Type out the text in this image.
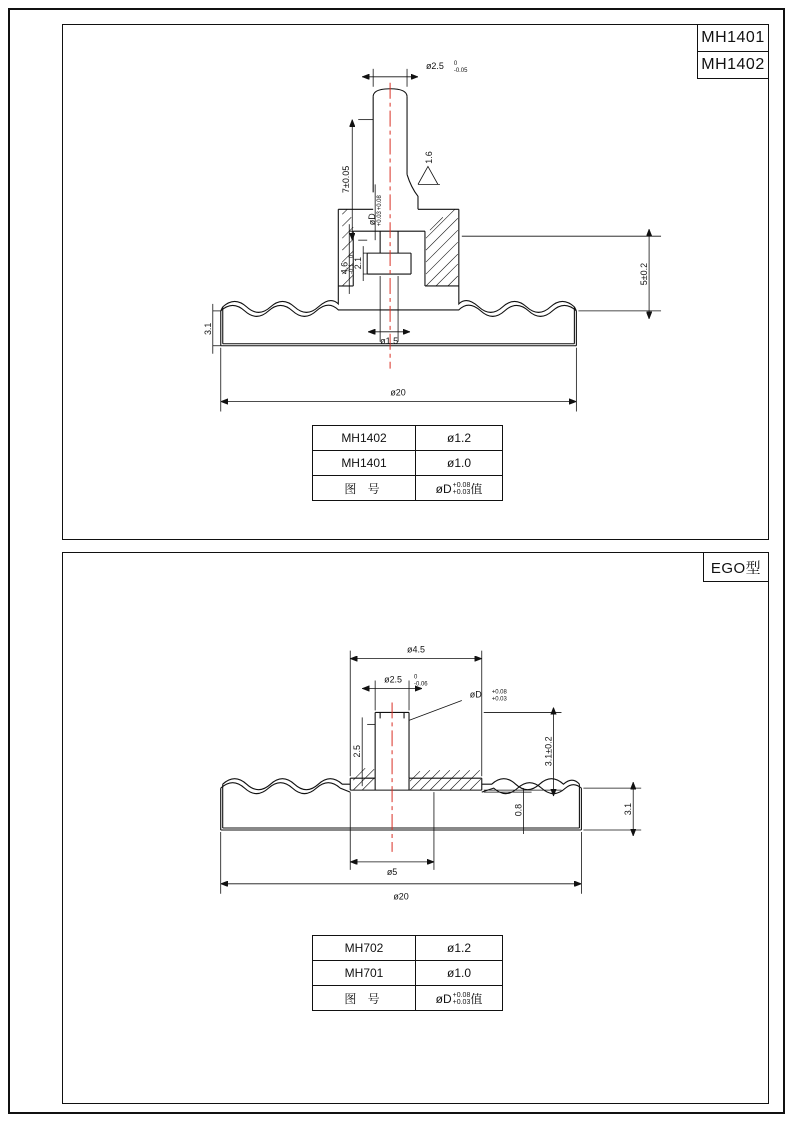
MH1401
MH1402
ø2.5 0
-0.05
7±0.05
1.6
øD
+0.08
+0.03
2.1
4.6
0
-0.1	5±0.2
3.1
ø1.5
ø20
MH1402	ø1.2
MH1401	ø1.0
图 号	øD +0.08
+0.03 值
EGO型
ø4.5
ø2.5 0
-0.06
øD +0.08
+0.03
2.5	3.1±0.2
3.1
0.8
ø5
ø20
MH702	ø1.2
MH701	ø1.0
图 号	øD +0.08
+0.03 值
